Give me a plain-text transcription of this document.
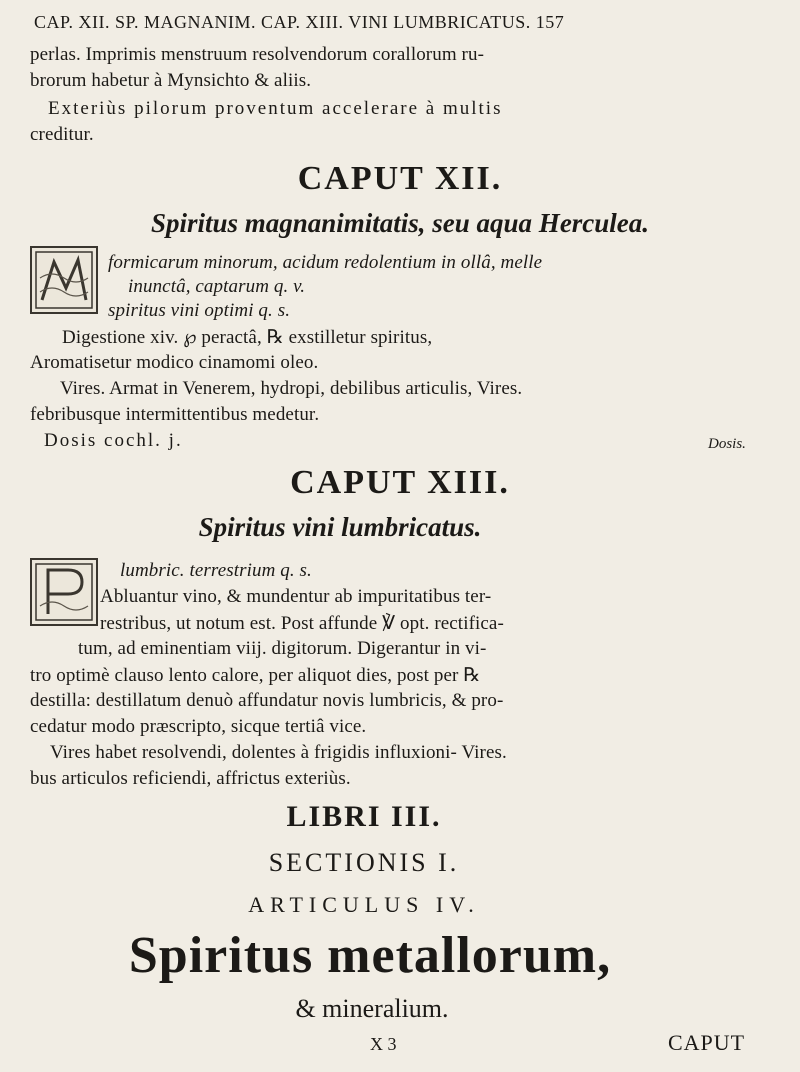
CAP. XII. SP. MAGNANIM. CAP. XIII. VINI LUMBRICATUS. 157
perlas. Imprimis menstruum resolvendorum corallorum ru-
brorum habetur à Mynsichto & aliis.
Exteriùs pilorum proventum accelerare à multis
creditur.
CAPUT XII.
Spiritus magnanimitatis, seu aqua Herculea.
formicarum minorum, acidum redolentium in ollâ, melle
inunctâ, captarum q. v.
spiritus vini optimi q. s.
Digestione xiv. ℘ peractâ, ℞ exstilletur spiritus,
Aromatisetur modico cinamomi oleo.
Vires. Armat in Venerem, hydropi, debilibus articulis, Vires.
febribusque intermittentibus medetur.
Dosis cochl. j.	Dosis.
CAPUT XIII.
Spiritus vini lumbricatus.
lumbric. terrestrium q. s.
Abluantur vino, & mundentur ab impuritatibus ter-
restribus, ut notum est. Post affunde ℣ opt. rectifica-
tum, ad eminentiam viij. digitorum. Digerantur in vi-
tro optimè clauso lento calore, per aliquot dies, post per ℞
destilla: destillatum denuò affundatur novis lumbricis, & pro-
cedatur modo præscripto, sicque tertiâ vice.
Vires habet resolvendi, dolentes à frigidis influxioni- Vires.
bus articulos reficiendi, affrictus exteriùs.
LIBRI III.
SECTIONIS I.
ARTICULUS IV.
Spiritus metallorum,
& mineralium.
X 3	CAPUT
